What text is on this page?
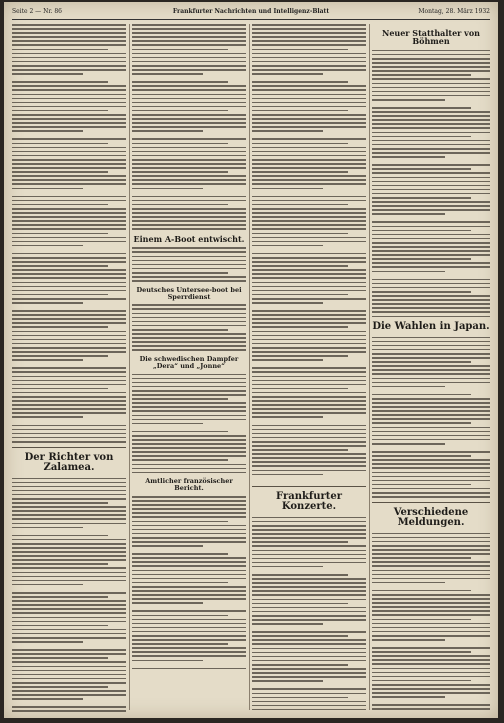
Seite 2 — Nr. 86	Frankfurter Nachrichten und Intelligenz-Blatt	Montag, 28. März 1932
Der Richter von Zalamea.
Einem A-Boot entwischt.
Deutsches Untersee-boot bei Sperrdienst
Die schwedischen Dampfer „Dera“ und „Jonne“
Amtlicher französischer Bericht.
Frankfurter Konzerte.
Neuer Statthalter von Böhmen
Die Wahlen in Japan.
Verschiedene Meldungen.
